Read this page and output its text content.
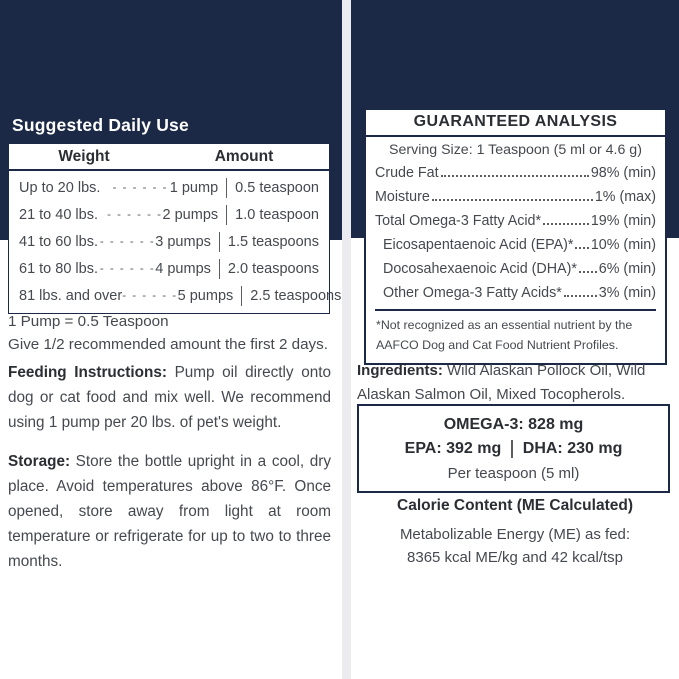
Suggested Daily Use
Weight	Amount
Up to 20 lbs.	- - - - - - 1 pump 0.5 teaspoon
21 to 40 lbs. - - - - - - 2 pumps 1.0 teaspoon
41 to 60 lbs. - - - - - - 3 pumps 1.5 teaspoons
61 to 80 lbs. - - - - - - 4 pumps 2.0 teaspoons
81 lbs. and over - - - - - - 5 pumps 2.5 teaspoons
1 Pump = 0.5 Teaspoon
Give 1/2 recommended amount the first 2 days.
Feeding Instructions: Pump oil directly onto dog or cat food and mix well. We recommend using 1 pump per 20 lbs. of pet's weight.
Storage: Store the bottle upright in a cool, dry place. Avoid temperatures above 86°F. Once opened, store away from light at room temperature or refrigerate for up to two to three months.
GUARANTEED ANALYSIS
Serving Size: 1 Teaspoon (5 ml or 4.6 g)
Crude Fat	98% (min)
Moisture	1% (max)
Total Omega-3 Fatty Acid*	19% (min)
Eicosapentaenoic Acid (EPA)* 10% (min)
Docosahexaenoic Acid (DHA)* 6% (min)
Other Omega-3 Fatty Acids*	3% (min)
*Not recognized as an essential nutrient by the AAFCO Dog and Cat Food Nutrient Profiles.
Ingredients: Wild Alaskan Pollock Oil, Wild Alaskan Salmon Oil, Mixed Tocopherols.
OMEGA-3: 828 mg
EPA: 392 mg DHA: 230 mg
Per teaspoon (5 ml)
Calorie Content (ME Calculated)
Metabolizable Energy (ME) as fed:
8365 kcal ME/kg and 42 kcal/tsp
